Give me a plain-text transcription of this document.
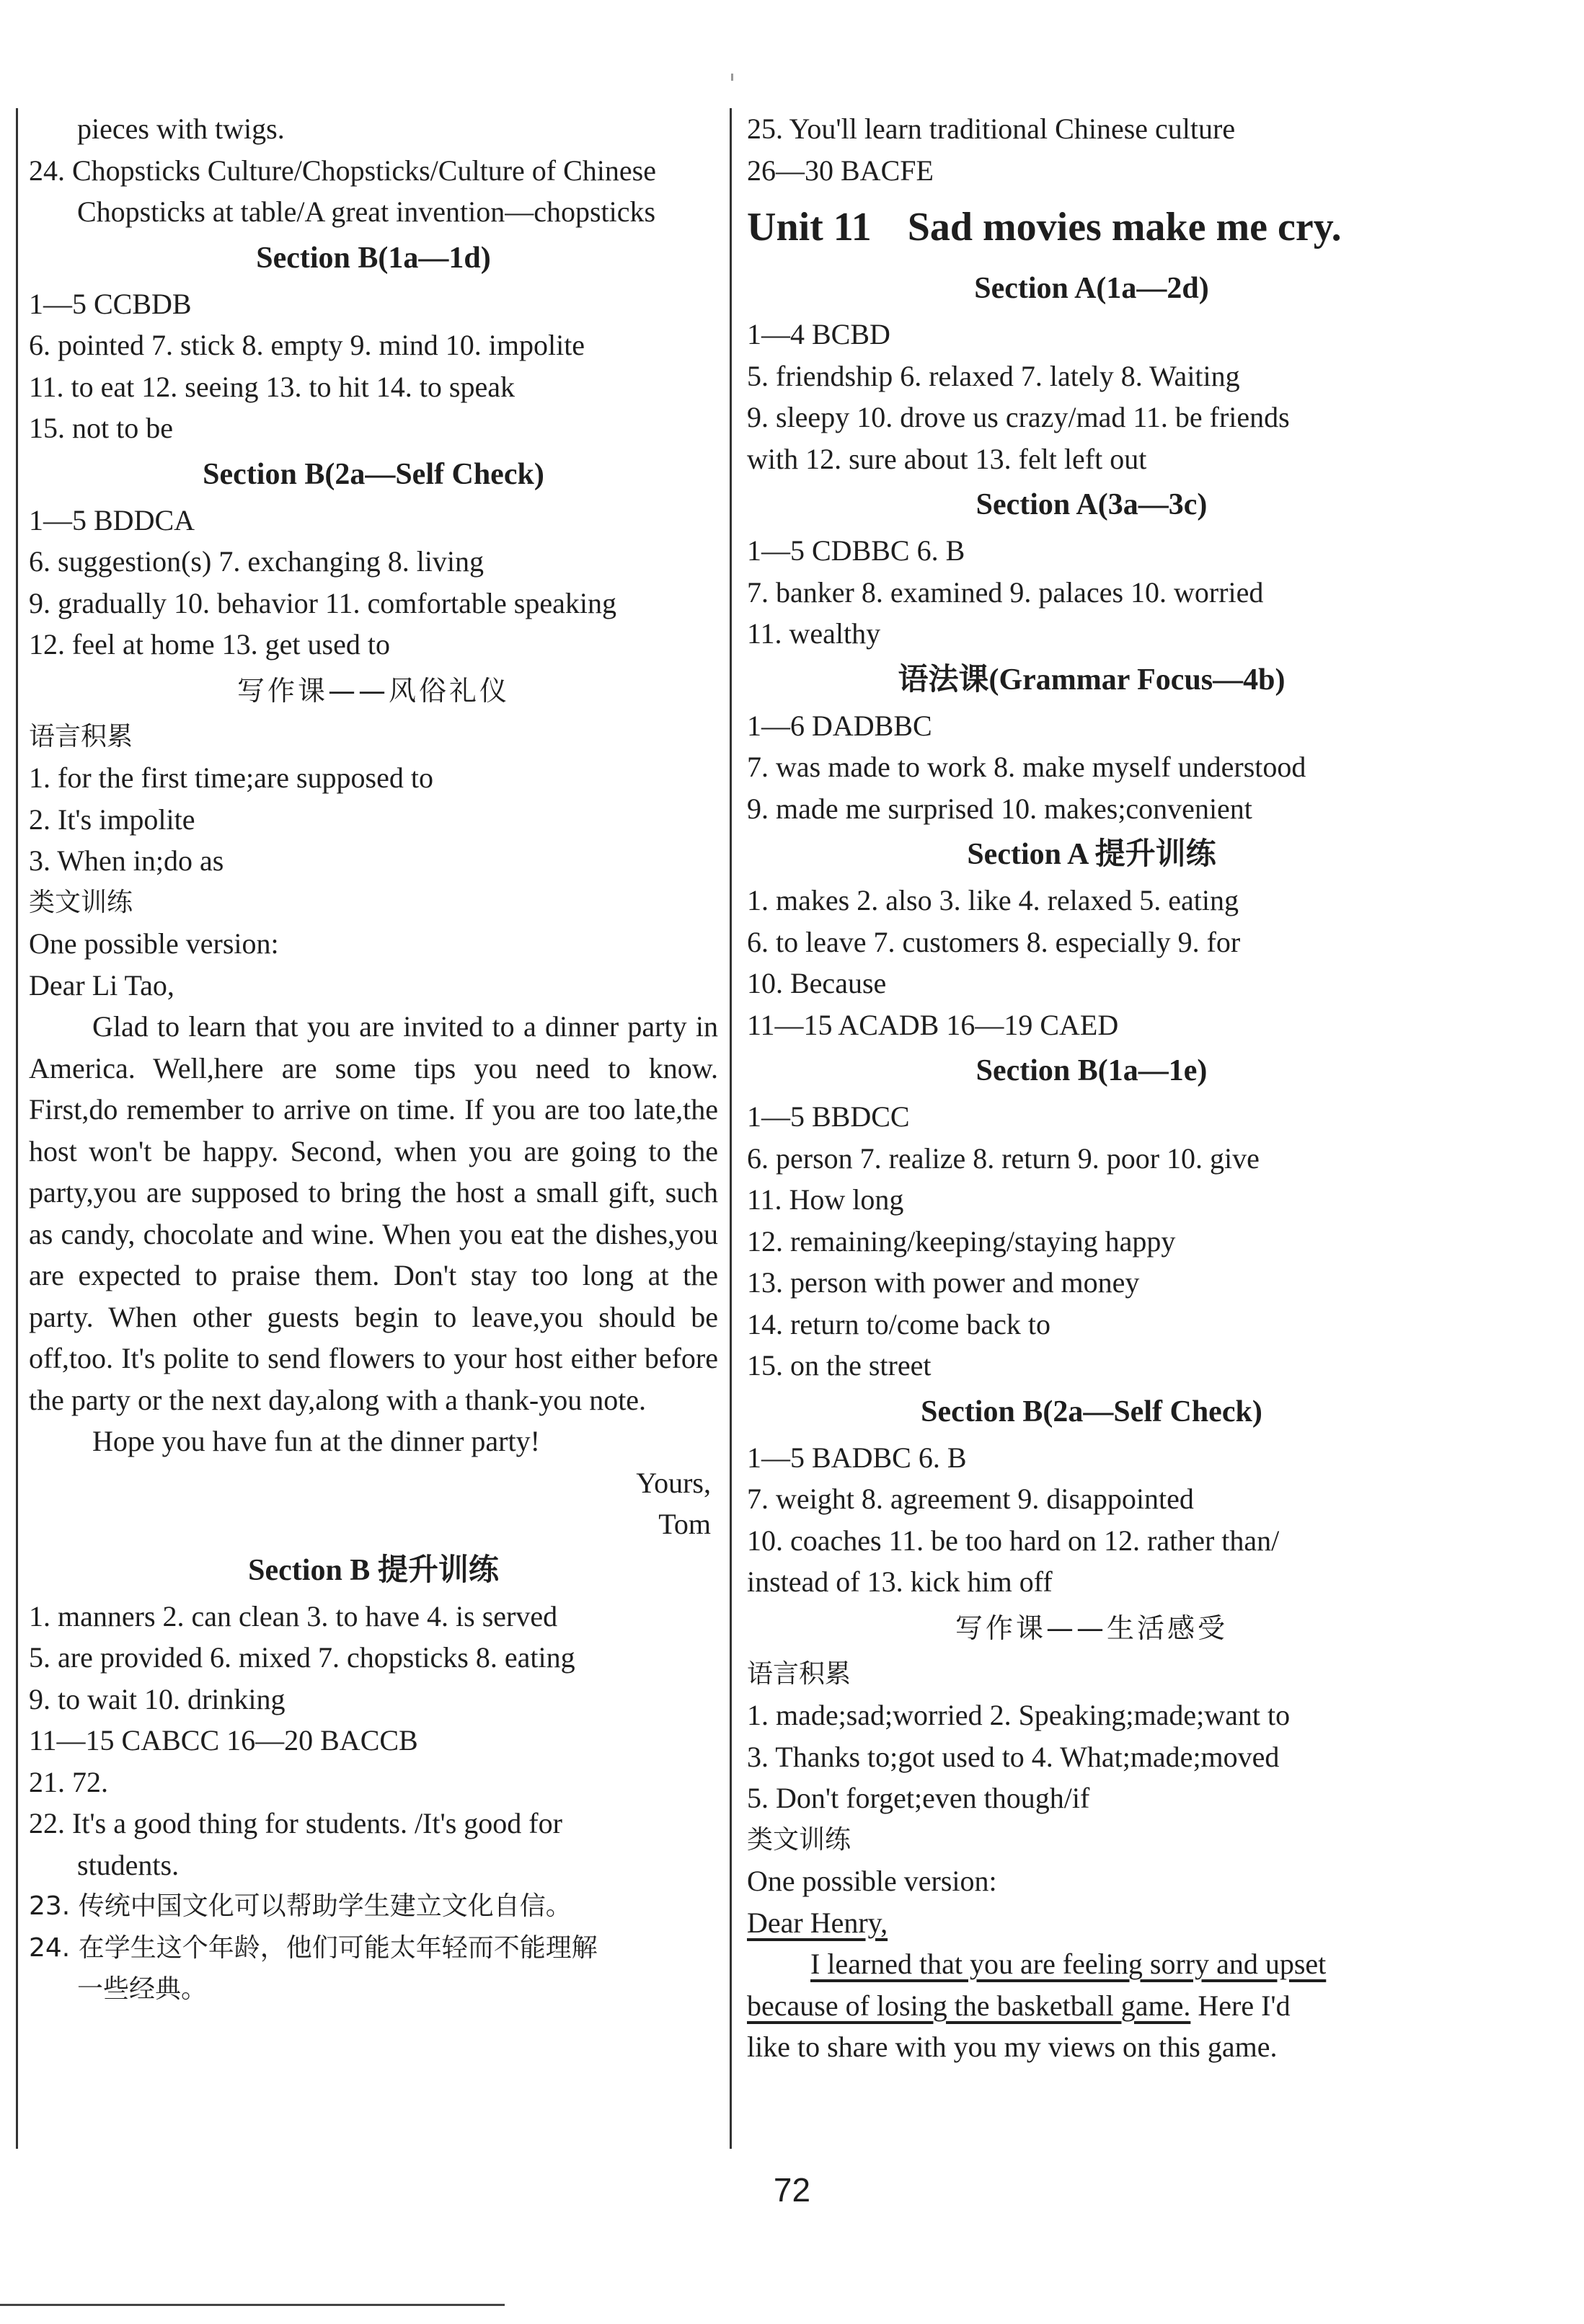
pieces with twigs.
24. Chopsticks Culture/Chopsticks/Culture of Chinese
Chopsticks at table/A great invention—chopsticks
Section B(1a—1d)
1—5 CCBDB
6. pointed 7. stick 8. empty 9. mind 10. impolite
11. to eat 12. seeing 13. to hit 14. to speak
15. not to be
Section B(2a—Self Check)
1—5 BDDCA
6. suggestion(s) 7. exchanging 8. living
9. gradually 10. behavior 11. comfortable speaking
12. feel at home 13. get used to
写作课——风俗礼仪
语言积累
1. for the first time;are supposed to
2. It's impolite
3. When in;do as
类文训练
One possible version:
Dear Li Tao,
Glad to learn that you are invited to a dinner party in America. Well,here are some tips you need to know. First,do remember to arrive on time. If you are too late,the host won't be happy. Second, when you are going to the party,you are supposed to bring the host a small gift, such as candy, chocolate and wine. When you eat the dishes,you are expected to praise them. Don't stay too long at the party. When other guests begin to leave,you should be off,too. It's polite to send flowers to your host either before the party or the next day,along with a thank-you note.
Hope you have fun at the dinner party!
Yours,
Tom
Section B 提升训练
1. manners 2. can clean 3. to have 4. is served
5. are provided 6. mixed 7. chopsticks 8. eating
9. to wait 10. drinking
11—15 CABCC 16—20 BACCB
21. 72.
22. It's a good thing for students. /It's good for
students.
23. 传统中国文化可以帮助学生建立文化自信。
24. 在学生这个年龄，他们可能太年轻而不能理解
一些经典。
25. You'll learn traditional Chinese culture
26—30 BACFE
Unit 11 Sad movies make me cry.
Section A(1a—2d)
1—4 BCBD
5. friendship 6. relaxed 7. lately 8. Waiting
9. sleepy 10. drove us crazy/mad 11. be friends
with 12. sure about 13. felt left out
Section A(3a—3c)
1—5 CDBBC 6. B
7. banker 8. examined 9. palaces 10. worried
11. wealthy
语法课(Grammar Focus—4b)
1—6 DADBBC
7. was made to work 8. make myself understood
9. made me surprised 10. makes;convenient
Section A 提升训练
1. makes 2. also 3. like 4. relaxed 5. eating
6. to leave 7. customers 8. especially 9. for
10. Because
11—15 ACADB 16—19 CAED
Section B(1a—1e)
1—5 BBDCC
6. person 7. realize 8. return 9. poor 10. give
11. How long
12. remaining/keeping/staying happy
13. person with power and money
14. return to/come back to
15. on the street
Section B(2a—Self Check)
1—5 BADBC 6. B
7. weight 8. agreement 9. disappointed
10. coaches 11. be too hard on 12. rather than/
instead of 13. kick him off
写作课——生活感受
语言积累
1. made;sad;worried 2. Speaking;made;want to
3. Thanks to;got used to 4. What;made;moved
5. Don't forget;even though/if
类文训练
One possible version:
Dear Henry,
I learned that you are feeling sorry and upset
because of losing the basketball game. Here I'd
like to share with you my views on this game.
72
